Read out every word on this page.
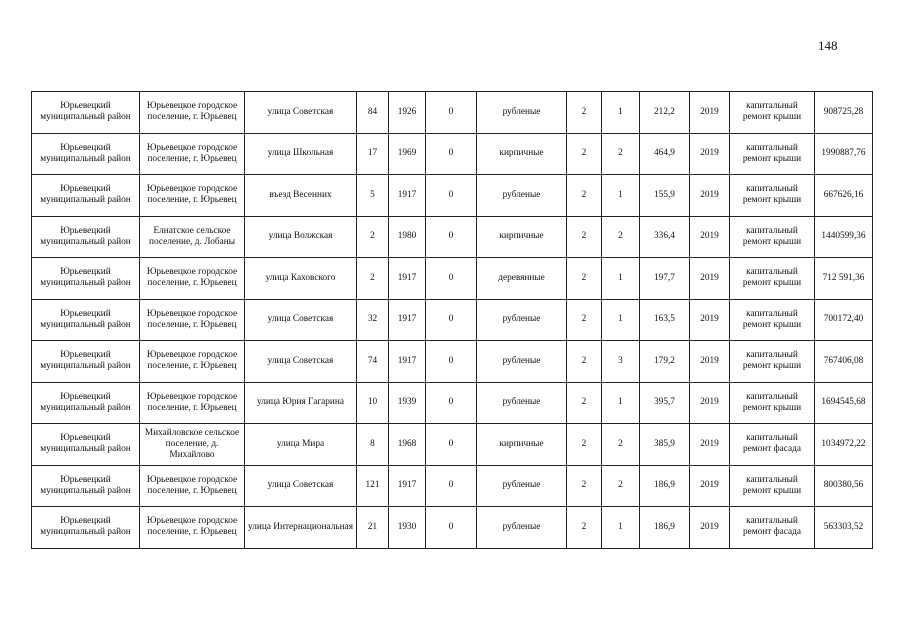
148
Юрьевецкий муниципальный район	Юрьевецкое городское поселение, г. Юрьевец	улица Советская	84	1926	0	рубленые	2	1	212,2	2019	капитальный ремонт крыши	908725,28
Юрьевецкий муниципальный район	Юрьевецкое городское поселение, г. Юрьевец	улица Школьная	17	1969	0	кирпичные	2	2	464,9	2019	капитальный ремонт крыши	1990887,76
Юрьевецкий муниципальный район	Юрьевецкое городское поселение, г. Юрьевец	въезд Весенних	5	1917	0	рубленые	2	1	155,9	2019	капитальный ремонт крыши	667626,16
Юрьевецкий муниципальный район	Елнатское сельское поселение, д. Лобаны	улица Волжская	2	1980	0	кирпичные	2	2	336,4	2019	капитальный ремонт крыши	1440599,36
Юрьевецкий муниципальный район	Юрьевецкое городское поселение, г. Юрьевец	улица Каховского	2	1917	0	деревянные	2	1	197,7	2019	капитальный ремонт крыши	712 591,36
Юрьевецкий муниципальный район	Юрьевецкое городское поселение, г. Юрьевец	улица Советская	32	1917	0	рубленые	2	1	163,5	2019	капитальный ремонт крыши	700172,40
Юрьевецкий муниципальный район	Юрьевецкое городское поселение, г. Юрьевец	улица Советская	74	1917	0	рубленые	2	3	179,2	2019	капитальный ремонт крыши	767406,08
Юрьевецкий муниципальный район	Юрьевецкое городское поселение, г. Юрьевец	улица Юрия Гагарина	10	1939	0	рубленые	2	1	395,7	2019	капитальный ремонт крыши	1694545,68
Юрьевецкий муниципальный район	Михайловское сельское поселение, д. Михайлово	улица Мира	8	1968	0	кирпичные	2	2	385,9	2019	капитальный ремонт фасада	1034972,22
Юрьевецкий муниципальный район	Юрьевецкое городское поселение, г. Юрьевец	улица Советская	121	1917	0	рубленые	2	2	186,9	2019	капитальный ремонт крыши	800380,56
Юрьевецкий муниципальный район	Юрьевецкое городское поселение, г. Юрьевец	улица Интернациональная	21	1930	0	рубленые	2	1	186,9	2019	капитальный ремонт фасада	563303,52
